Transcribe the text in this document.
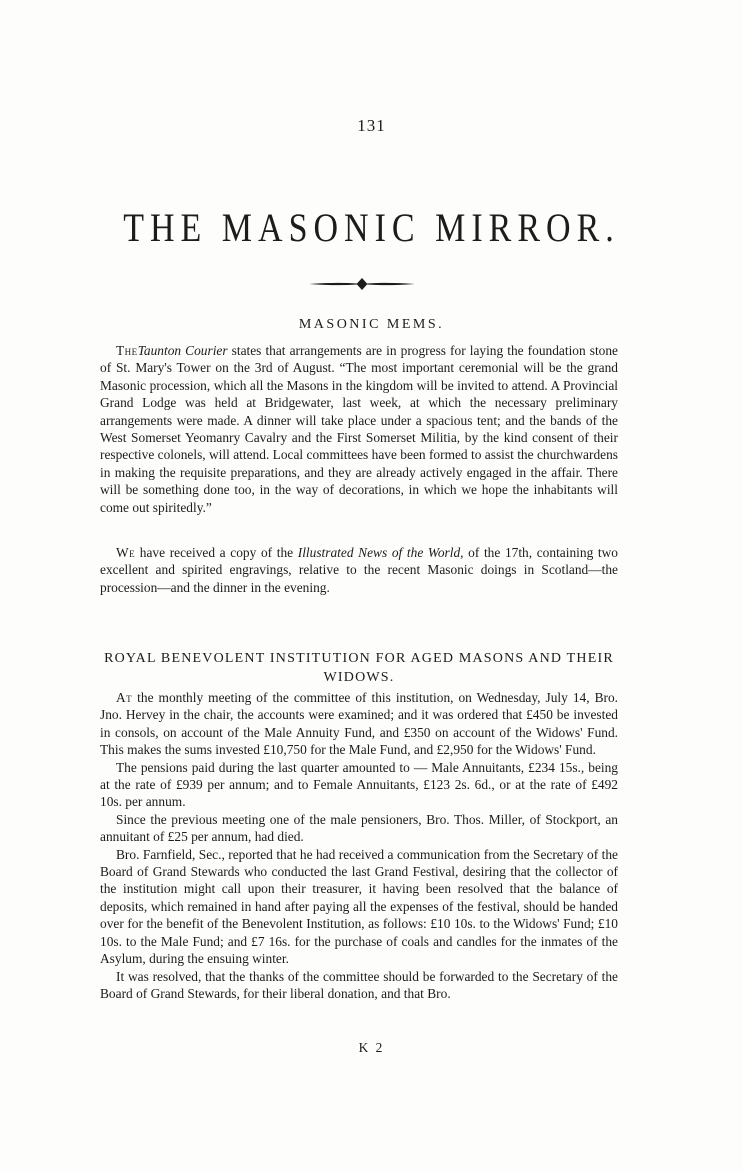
131
THE MASONIC MIRROR.
MASONIC MEMS.

TheTaunton Courier states that arrangements are in progress for laying the foundation stone of St. Mary's Tower on the 3rd of August. “The most important ceremonial will be the grand Masonic procession, which all the Masons in the kingdom will be invited to attend. A Provincial Grand Lodge was held at Bridgewater, last week, at which the necessary preliminary arrangements were made. A dinner will take place under a spacious tent; and the bands of the West Somerset Yeomanry Cavalry and the First Somerset Militia, by the kind consent of their respective colonels, will attend. Local committees have been formed to assist the churchwardens in making the requisite preparations, and they are already actively engaged in the affair. There will be something done too, in the way of decorations, in which we hope the inhabitants will come out spiritedly.”

We have received a copy of the Illustrated News of the World, of the 17th, containing two excellent and spirited engravings, relative to the recent Masonic doings in Scotland—the procession—and the dinner in the evening.

ROYAL BENEVOLENT INSTITUTION FOR AGED MASONS AND THEIR WIDOWS.

At the monthly meeting of the committee of this institution, on Wednesday, July 14, Bro. Jno. Hervey in the chair, the accounts were examined; and it was ordered that £450 be invested in consols, on account of the Male Annuity Fund, and £350 on account of the Widows' Fund. This makes the sums invested £10,750 for the Male Fund, and £2,950 for the Widows' Fund.

The pensions paid during the last quarter amounted to — Male Annuitants, £234 15s., being at the rate of £939 per annum; and to Female Annuitants, £123 2s. 6d., or at the rate of £492 10s. per annum.

Since the previous meeting one of the male pensioners, Bro. Thos. Miller, of Stockport, an annuitant of £25 per annum, had died.

Bro. Farnfield, Sec., reported that he had received a communication from the Secretary of the Board of Grand Stewards who conducted the last Grand Festival, desiring that the collector of the institution might call upon their treasurer, it having been resolved that the balance of deposits, which remained in hand after paying all the expenses of the festival, should be handed over for the benefit of the Benevolent Institution, as follows: £10 10s. to the Widows' Fund; £10 10s. to the Male Fund; and £7 16s. for the purchase of coals and candles for the inmates of the Asylum, during the ensuing winter.

It was resolved, that the thanks of the committee should be forwarded to the Secretary of the Board of Grand Stewards, for their liberal donation, and that Bro.

K 2
